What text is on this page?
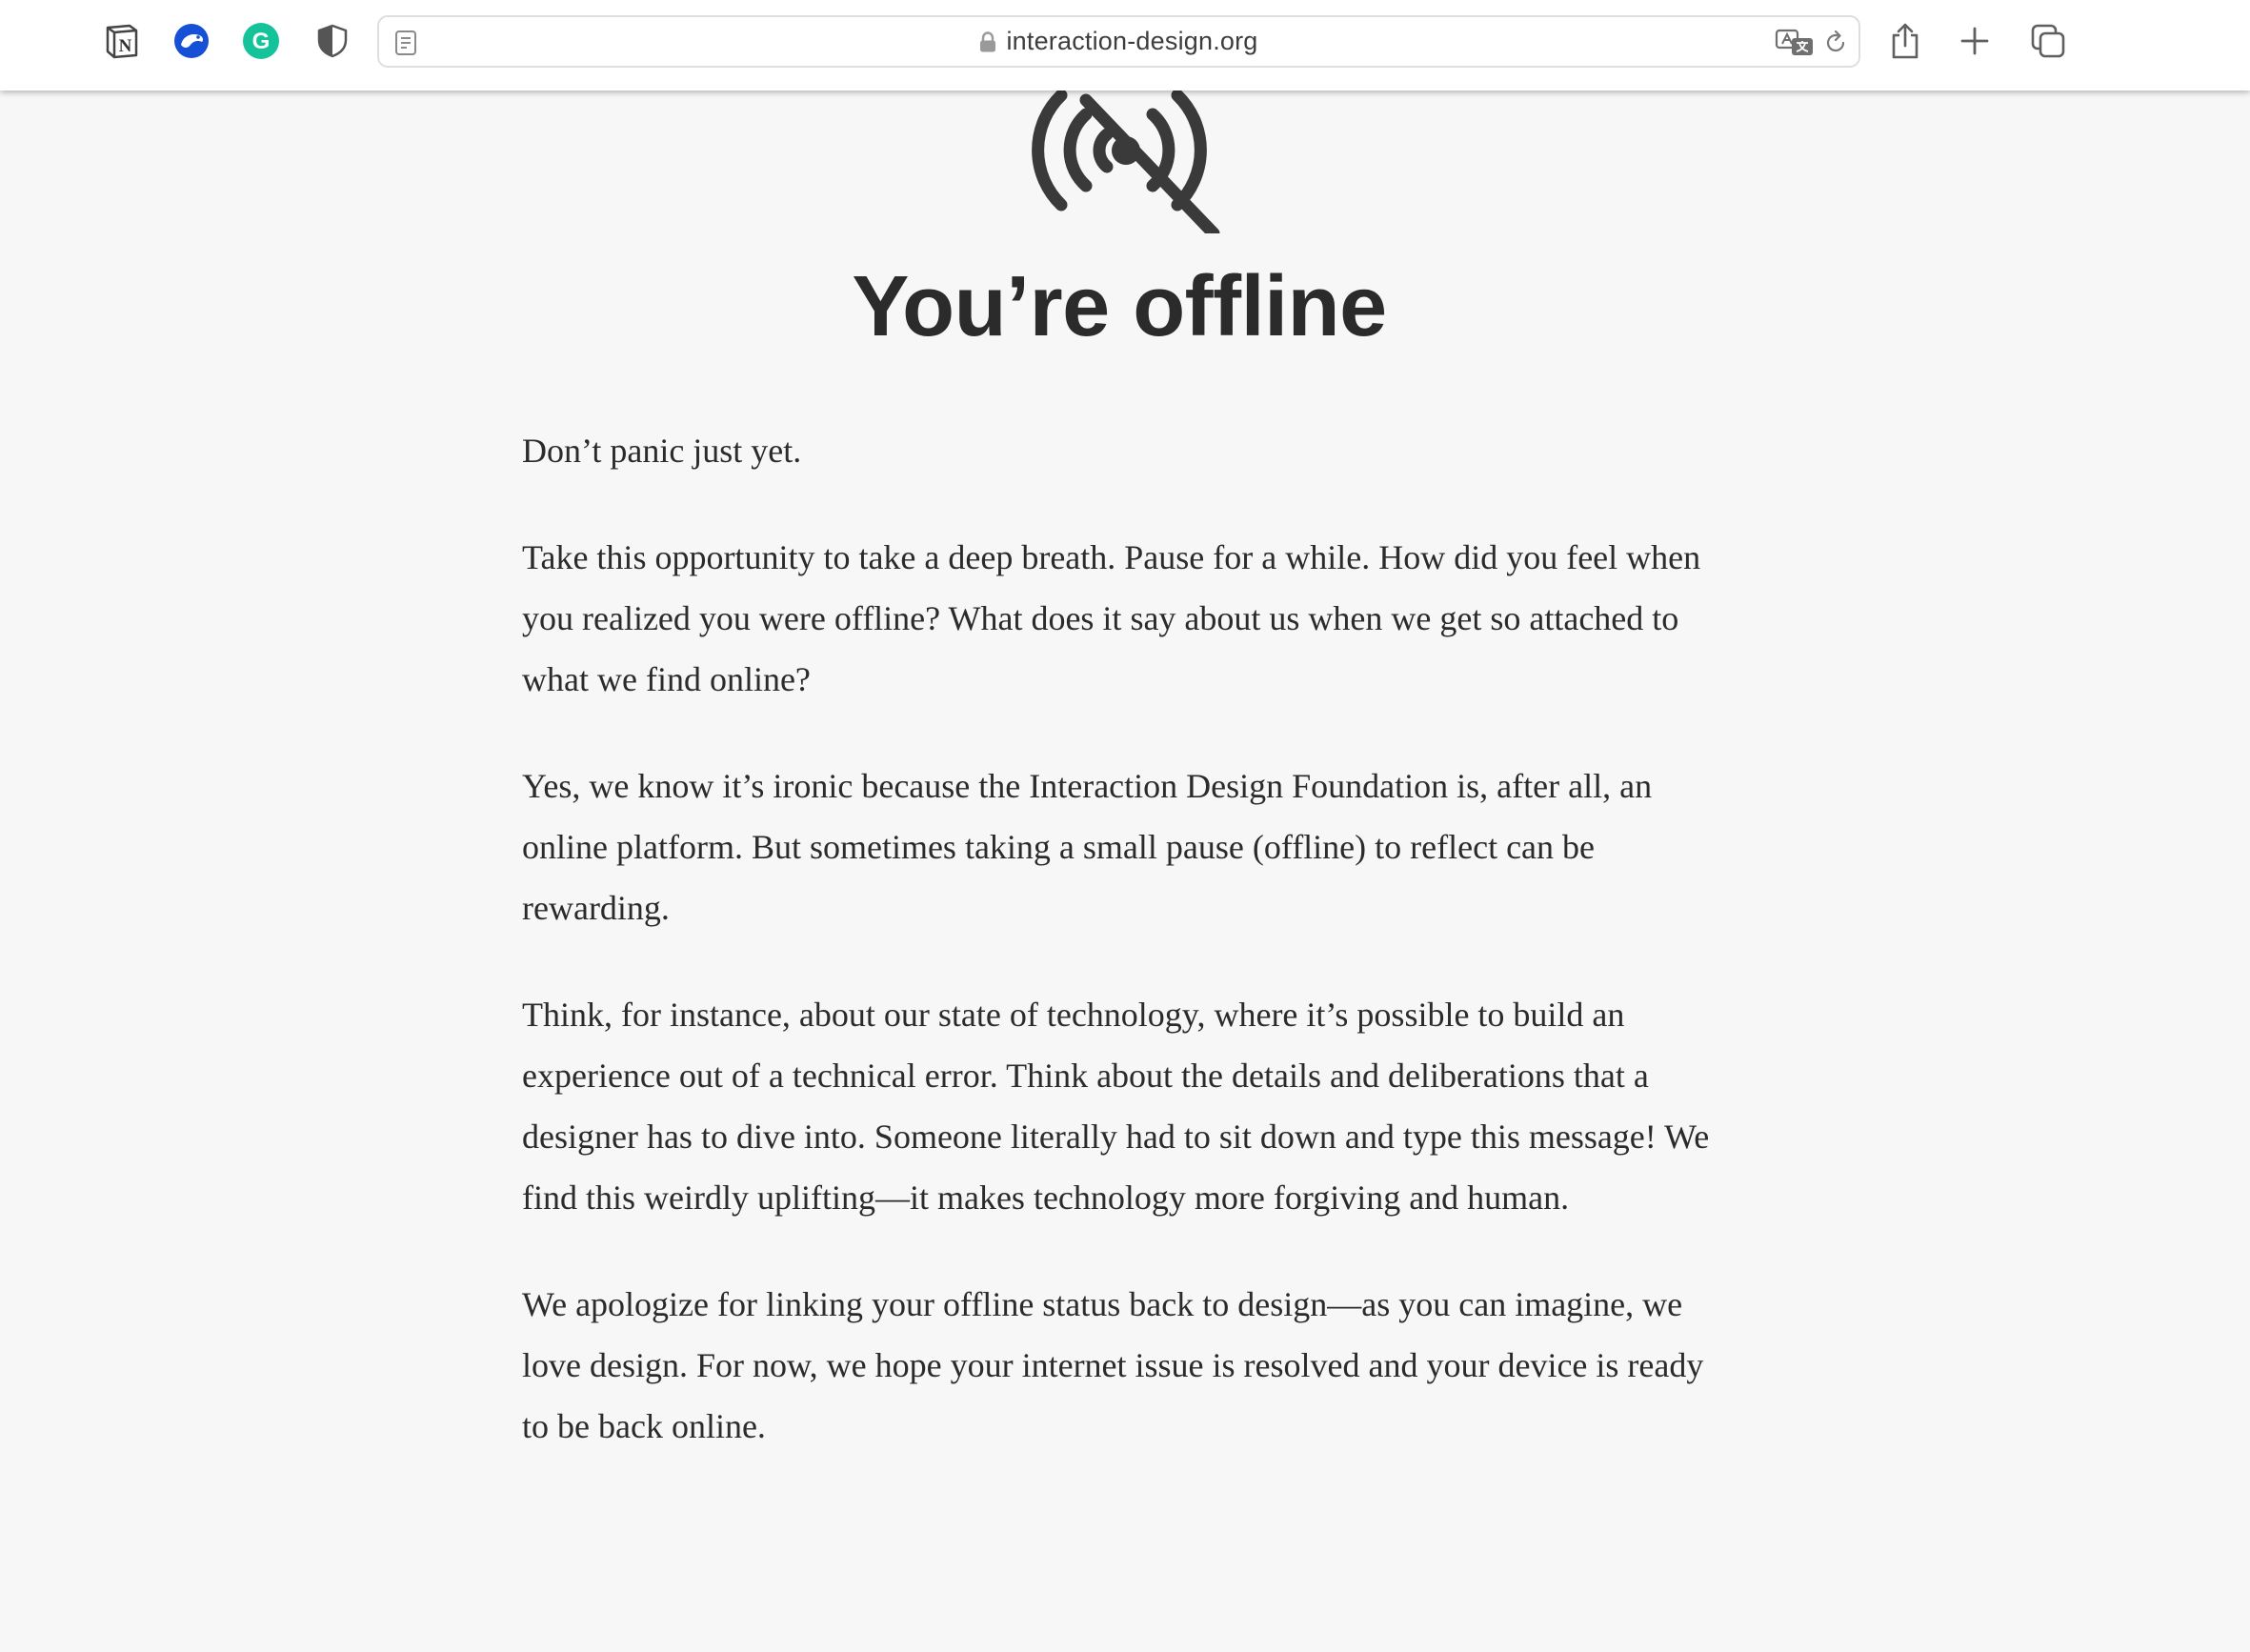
N	G	interaction-design.org
You’re offline

Don’t panic just yet.

Take this opportunity to take a deep breath. Pause for a while. How did you feel when you realized you were offline? What does it say about us when we get so attached to what we find online?

Yes, we know it’s ironic because the Interaction Design Foundation is, after all, an online platform. But sometimes taking a small pause (offline) to reflect can be rewarding.

Think, for instance, about our state of technology, where it’s possible to build an experience out of a technical error. Think about the details and deliberations that a designer has to dive into. Someone literally had to sit down and type this message! We find this weirdly uplifting—it makes technology more forgiving and human.

We apologize for linking your offline status back to design—as you can imagine, we love design. For now, we hope your internet issue is resolved and your device is ready to be back online.
